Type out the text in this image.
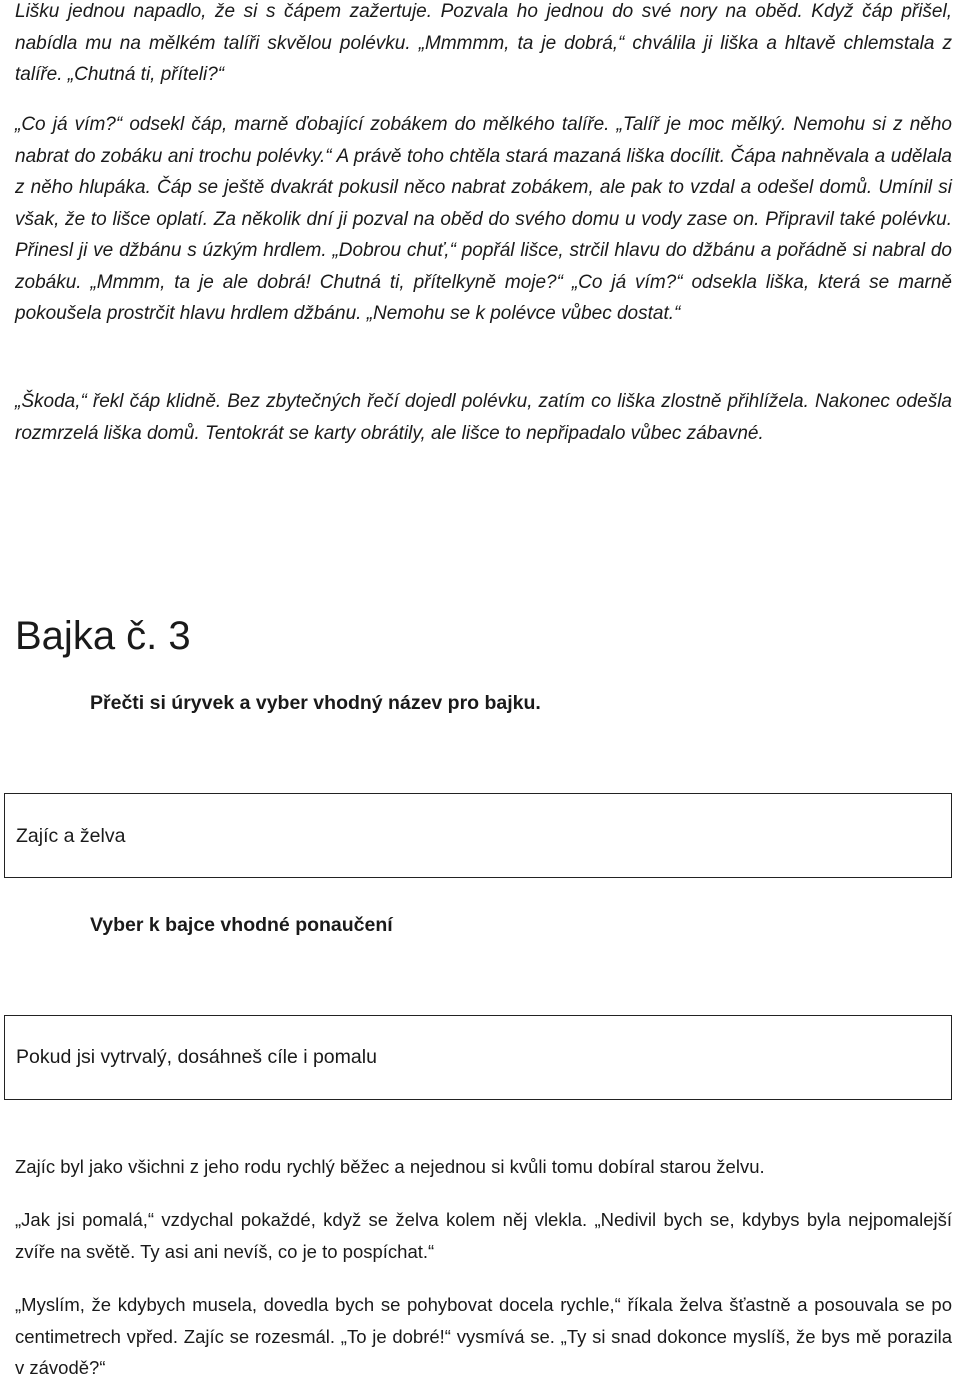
Lišku jednou napadlo, že si s čápem zažertuje. Pozvala ho jednou do své nory na oběd. Když čáp přišel, nabídla mu na mělkém talíři skvělou polévku. „Mmmmm, ta je dobrá,“ chválila ji liška a hltavě chlemstala z talíře. „Chutná ti, příteli?“

„Co já vím?“ odsekl čáp, marně ďobající zobákem do mělkého talíře. „Talíř je moc mělký. Nemohu si z něho nabrat do zobáku ani trochu polévky.“ A právě toho chtěla stará mazaná liška docílit. Čápa nahněvala a udělala z něho hlupáka. Čáp se ještě dvakrát pokusil něco nabrat zobákem, ale pak to vzdal a odešel domů. Umínil si však, že to lišce oplatí. Za několik dní ji pozval na oběd do svého domu u vody zase on. Připravil také polévku. Přinesl ji ve džbánu s úzkým hrdlem. „Dobrou chuť,“ popřál lišce, strčil hlavu do džbánu a pořádně si nabral do zobáku. „Mmmm, ta je ale dobrá! Chutná ti, přítelkyně moje?“ „Co já vím?“ odsekla liška, která se marně pokoušela prostrčit hlavu hrdlem džbánu. „Nemohu se k polévce vůbec dostat.“

„Škoda,“ řekl čáp klidně. Bez zbytečných řečí dojedl polévku, zatím co liška zlostně přihlížela. Nakonec odešla rozmrzelá liška domů. Tentokrát se karty obrátily, ale lišce to nepřipadalo vůbec zábavné.

Bajka č. 3

Přečti si úryvek a vyber vhodný název pro bajku.

Zajíc a želva

Vyber k bajce vhodné ponaučení

Pokud jsi vytrvalý, dosáhneš cíle i pomalu

Zajíc byl jako všichni z jeho rodu rychlý běžec a nejednou si kvůli tomu dobíral starou želvu.

„Jak jsi pomalá,“ vzdychal pokaždé, když se želva kolem něj vlekla. „Nedivil bych se, kdybys byla nejpomalejší zvíře na světě. Ty asi ani nevíš, co je to pospíchat.“

„Myslím, že kdybych musela, dovedla bych se pohybovat docela rychle,“ říkala želva šťastně a posouvala se po centimetrech vpřed. Zajíc se rozesmál. „To je dobré!“ vysmívá se. „Ty si snad dokonce myslíš, že bys mě porazila v závodě?“
